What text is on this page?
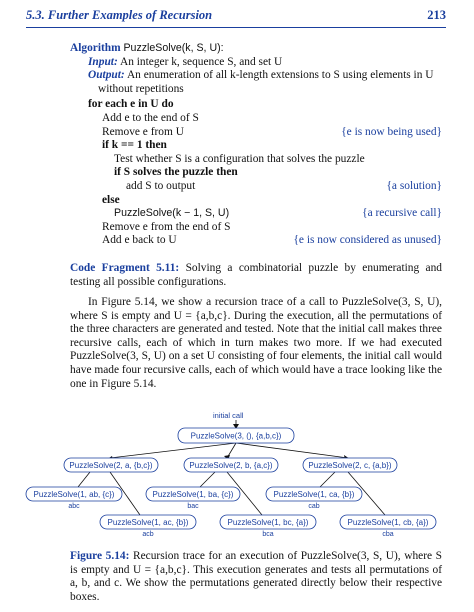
5.3. Further Examples of Recursion	213
Algorithm PuzzleSolve(k, S, U):
Input: An integer k, sequence S, and set U
Output: An enumeration of all k-length extensions to S using elements in U
without repetitions
for each e in U do
Add e to the end of S
Remove e from U	{e is now being used}
if k == 1 then
Test whether S is a configuration that solves the puzzle
if S solves the puzzle then
add S to output	{a solution}
else
PuzzleSolve(k − 1, S, U)	{a recursive call}
Remove e from the end of S
Add e back to U	{e is now considered as unused}
Code Fragment 5.11: Solving a combinatorial puzzle by enumerating and testing all possible configurations.
In Figure 5.14, we show a recursion trace of a call to PuzzleSolve(3, S, U), where S is empty and U = {a,b,c}. During the execution, all the permutations of the three characters are generated and tested. Note that the initial call makes three recursive calls, each of which in turn makes two more. If we had executed PuzzleSolve(3, S, U) on a set U consisting of four elements, the initial call would have made four recursive calls, each of which would have a trace looking like the one in Figure 5.14.
initial call
PuzzleSolve(3, (), {a,b,c})
PuzzleSolve(2, a, {b,c})	PuzzleSolve(2, b, {a,c})	PuzzleSolve(2, c, {a,b})
PuzzleSolve(1, ab, {c})
abc
PuzzleSolve(1, ba, {c})
bac
PuzzleSolve(1, ca, {b})
cab
PuzzleSolve(1, ac, {b})
acb
PuzzleSolve(1, bc, {a})
bca
PuzzleSolve(1, cb, {a})
cba
Figure 5.14: Recursion trace for an execution of PuzzleSolve(3, S, U), where S is empty and U = {a,b,c}. This execution generates and tests all permutations of a, b, and c. We show the permutations generated directly below their respective boxes.
